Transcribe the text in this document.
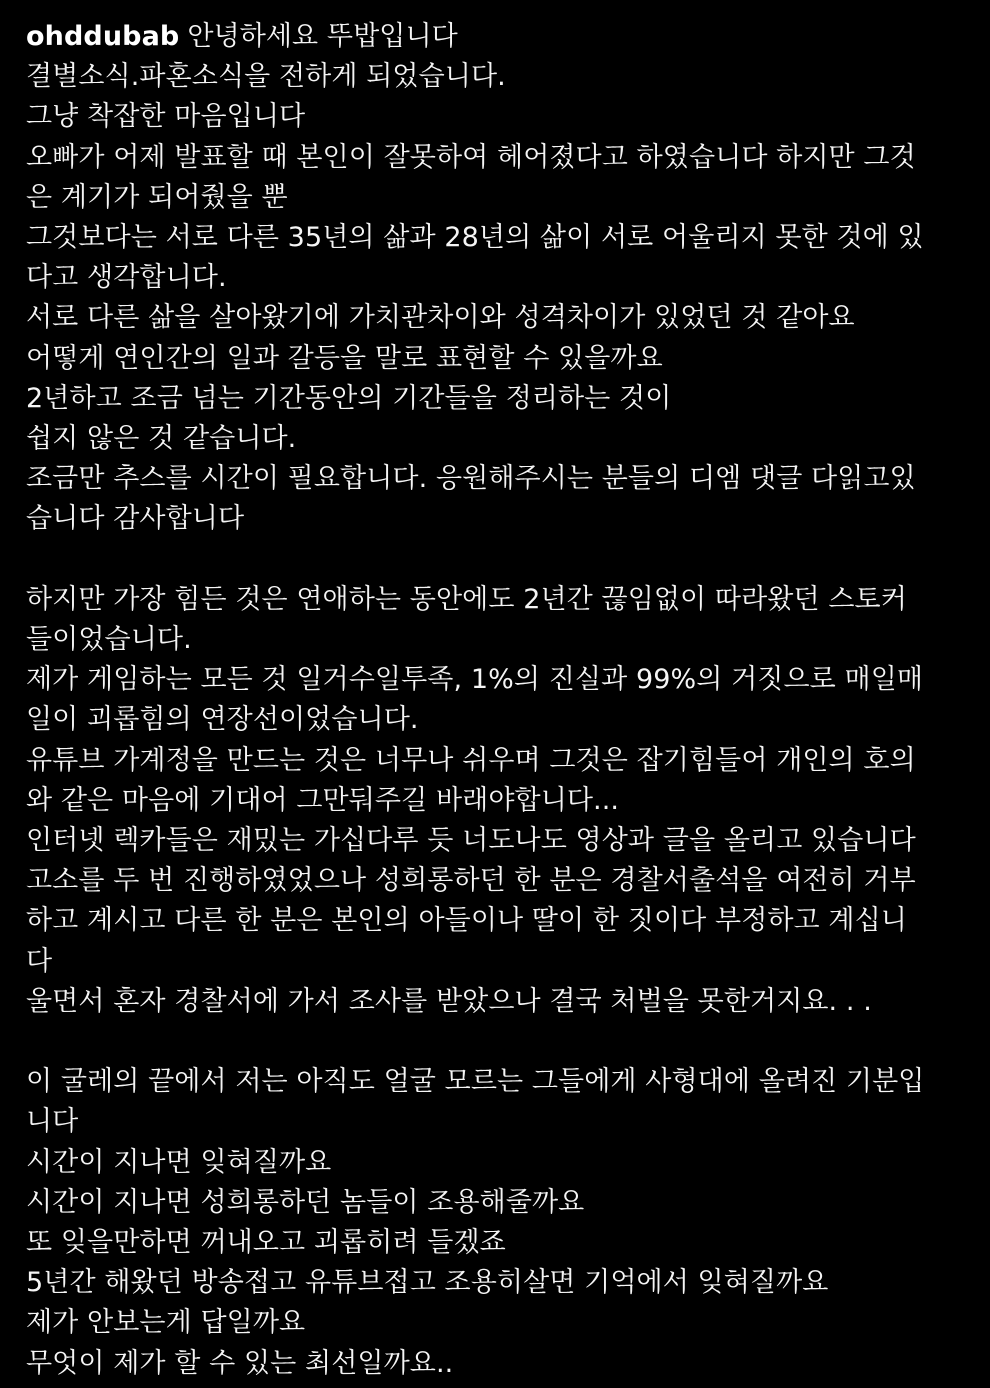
ohddubab 안녕하세요 뚜밥입니다
결별소식.파혼소식을 전하게 되었습니다.
그냥 착잡한 마음입니다
오빠가 어제 발표할 때 본인이 잘못하여 헤어졌다고 하였습니다 하지만 그것
은 계기가 되어줬을 뿐
그것보다는 서로 다른 35년의 삶과 28년의 삶이 서로 어울리지 못한 것에 있
다고 생각합니다.
서로 다른 삶을 살아왔기에 가치관차이와 성격차이가 있었던 것 같아요
어떻게 연인간의 일과 갈등을 말로 표현할 수 있을까요
2년하고 조금 넘는 기간동안의 기간들을 정리하는 것이
쉽지 않은 것 같습니다.
조금만 추스를 시간이 필요합니다. 응원해주시는 분들의 디엠 댓글 다읽고있
습니다 감사합니다
하지만 가장 힘든 것은 연애하는 동안에도 2년간 끊임없이 따라왔던 스토커
들이었습니다.
제가 게임하는 모든 것 일거수일투족, 1%의 진실과 99%의 거짓으로 매일매
일이 괴롭힘의 연장선이었습니다.
유튜브 가계정을 만드는 것은 너무나 쉬우며 그것은 잡기힘들어 개인의 호의
와 같은 마음에 기대어 그만둬주길 바래야합니다...
인터넷 렉카들은 재밌는 가십다루 듯 너도나도 영상과 글을 올리고 있습니다
고소를 두 번 진행하였었으나 성희롱하던 한 분은 경찰서출석을 여전히 거부
하고 계시고 다른 한 분은 본인의 아들이나 딸이 한 짓이다 부정하고 계십니
다
울면서 혼자 경찰서에 가서 조사를 받았으나 결국 처벌을 못한거지요. . .
이 굴레의 끝에서 저는 아직도 얼굴 모르는 그들에게 사형대에 올려진 기분입
니다
시간이 지나면 잊혀질까요
시간이 지나면 성희롱하던 놈들이 조용해줄까요
또 잊을만하면 꺼내오고 괴롭히려 들겠죠
5년간 해왔던 방송접고 유튜브접고 조용히살면 기억에서 잊혀질까요
제가 안보는게 답일까요
무엇이 제가 할 수 있는 최선일까요..
